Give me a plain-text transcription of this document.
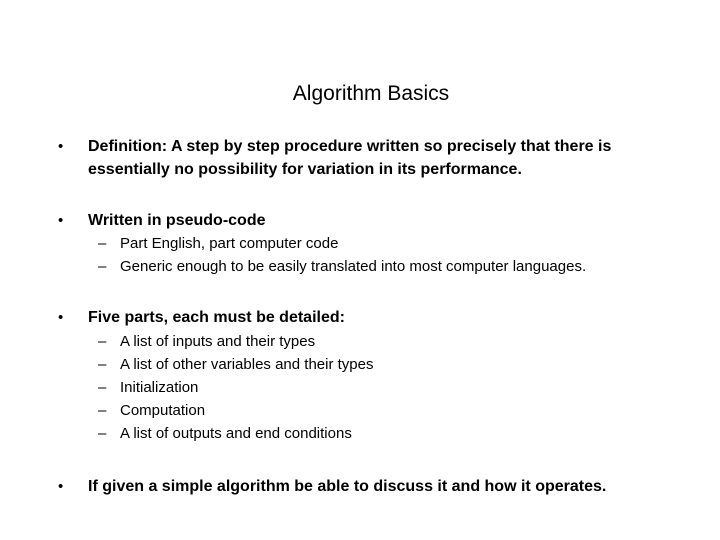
Algorithm Basics
• Definition: A step by step procedure written so precisely that there is essentially no possibility for variation in its performance.
• Written in pseudo-code
– Part English, part computer code
– Generic enough to be easily translated into most computer languages.
• Five parts, each must be detailed:
– A list of inputs and their types
– A list of other variables and their types
– Initialization
– Computation
– A list of outputs and end conditions
• If given a simple algorithm be able to discuss it and how it operates.
